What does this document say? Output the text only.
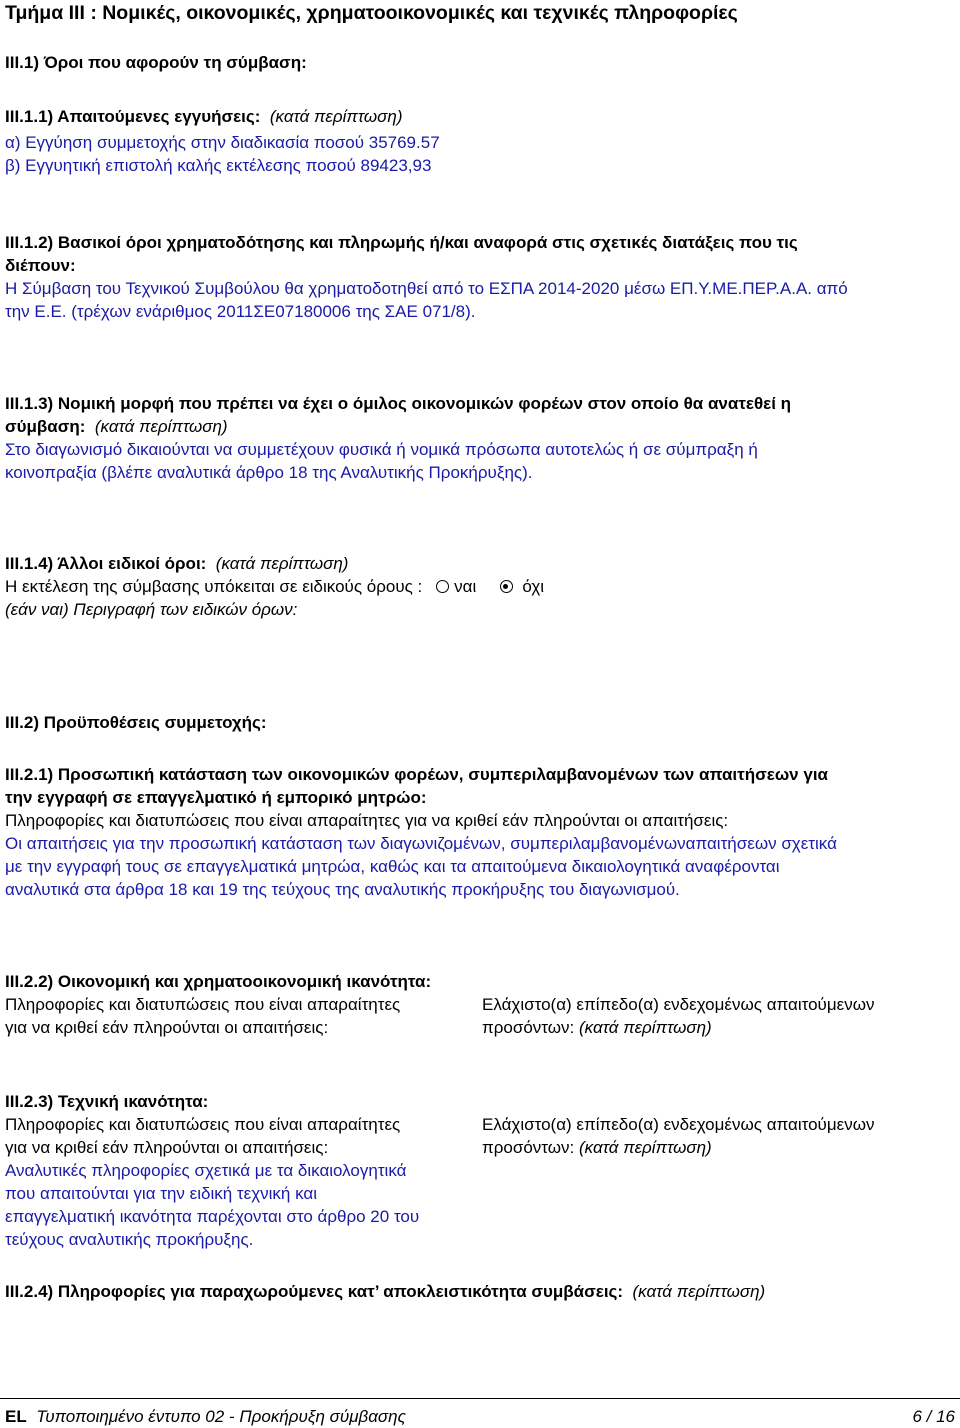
Τμήμα ΙΙΙ : Νομικές, οικονομικές, χρηματοοικονομικές και τεχνικές πληροφορίες
ΙΙΙ.1) Όροι που αφορούν τη σύμβαση:
ΙΙΙ.1.1) Απαιτούμενες εγγυήσεις: (κατά περίπτωση)
α) Εγγύηση συμμετοχής στην διαδικασία ποσού 35769.57
β) Εγγυητική επιστολή καλής εκτέλεσης ποσού 89423,93
ΙΙΙ.1.2) Βασικοί όροι χρηματοδότησης και πληρωμής ή/και αναφορά στις σχετικές διατάξεις που τις
διέπουν:
Η Σύμβαση του Τεχνικού Συμβούλου θα χρηματοδοτηθεί από το ΕΣΠΑ 2014-2020 μέσω ΕΠ.Υ.ΜΕ.ΠΕΡ.Α.Α. από
την Ε.Ε. (τρέχων ενάριθμος 2011ΣΕ07180006 της ΣΑΕ 071/8).
ΙΙΙ.1.3) Νομική μορφή που πρέπει να έχει ο όμιλος οικονομικών φορέων στον οποίο θα ανατεθεί η
σύμβαση: (κατά περίπτωση)
Στο διαγωνισμό δικαιούνται να συμμετέχουν φυσικά ή νομικά πρόσωπα αυτοτελώς ή σε σύμπραξη ή
κοινοπραξία (βλέπε αναλυτικά άρθρο 18 της Αναλυτικής Προκήρυξης).
ΙΙΙ.1.4) Άλλοι ειδικοί όροι: (κατά περίπτωση)
Η εκτέλεση της σύμβασης υπόκειται σε ειδικούς όρους : ναι	όχι
(εάν ναι) Περιγραφή των ειδικών όρων:
ΙΙΙ.2) Προϋποθέσεις συμμετοχής:
ΙΙΙ.2.1) Προσωπική κατάσταση των οικονομικών φορέων, συμπεριλαμβανομένων των απαιτήσεων για
την εγγραφή σε επαγγελματικό ή εμπορικό μητρώο:
Πληροφορίες και διατυπώσεις που είναι απαραίτητες για να κριθεί εάν πληρούνται οι απαιτήσεις:
Οι απαιτήσεις για την προσωπική κατάσταση των διαγωνιζομένων, συμπεριλαμβανομένωναπαιτήσεων σχετικά
με την εγγραφή τους σε επαγγελματικά μητρώα, καθώς και τα απαιτούμενα δικαιολογητικά αναφέρονται
αναλυτικά στα άρθρα 18 και 19 της τεύχους της αναλυτικής προκήρυξης του διαγωνισμού.
ΙΙΙ.2.2) Οικονομική και χρηματοοικονομική ικανότητα:
Πληροφορίες και διατυπώσεις που είναι απαραίτητες
για να κριθεί εάν πληρούνται οι απαιτήσεις:
Ελάχιστο(α) επίπεδο(α) ενδεχομένως απαιτούμενων
προσόντων: (κατά περίπτωση)
ΙΙΙ.2.3) Τεχνική ικανότητα:
Πληροφορίες και διατυπώσεις που είναι απαραίτητες
για να κριθεί εάν πληρούνται οι απαιτήσεις:
Αναλυτικές πληροφορίες σχετικά με τα δικαιολογητικά
που απαιτούνται για την ειδική τεχνική και
επαγγελματική ικανότητα παρέχονται στο άρθρο 20 του
τεύχους αναλυτικής προκήρυξης.
Ελάχιστο(α) επίπεδο(α) ενδεχομένως απαιτούμενων
προσόντων: (κατά περίπτωση)
ΙΙΙ.2.4) Πληροφορίες για παραχωρούμενες κατ’ αποκλειστικότητα συμβάσεις: (κατά περίπτωση)
EL Τυποποιημένο έντυπο 02 - Προκήρυξη σύμβασης	6 / 16
